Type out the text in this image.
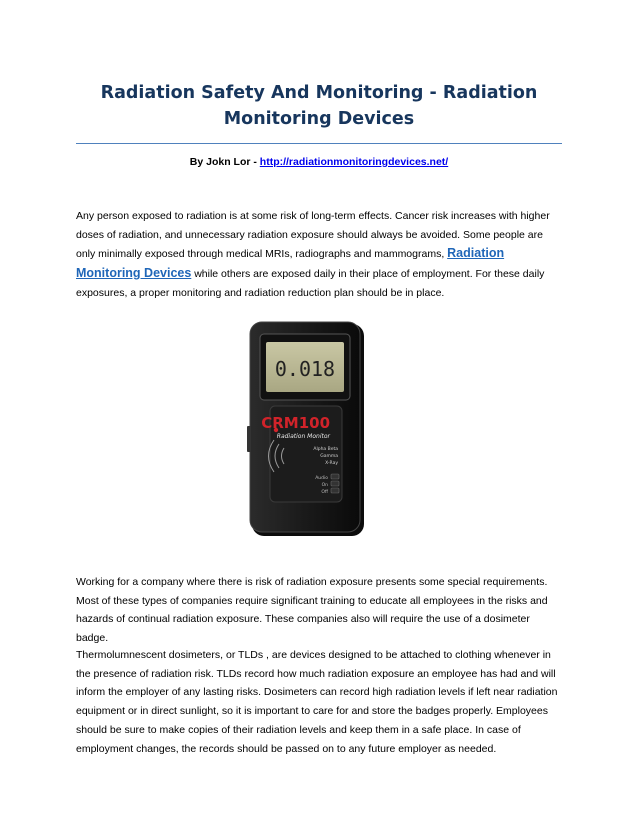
Radiation Safety And Monitoring - Radiation
Monitoring Devices
By Jokn Lor - http://radiationmonitoringdevices.net/

Any person exposed to radiation is at some risk of long-term effects. Cancer risk increases with higher doses of radiation, and unnecessary radiation exposure should always be avoided. Some people are only minimally exposed through medical MRIs, radiographs and mammograms, Radiation Monitoring Devices while others are exposed daily in their place of employment. For these daily exposures, a proper monitoring and radiation reduction plan should be in place.

0.018
CRM100
Radiation Monitor
Alpha Beta
Gamma
X-Ray
Audio
On
Off

Working for a company where there is risk of radiation exposure presents some special requirements. Most of these types of companies require significant training to educate all employees in the risks and hazards of continual radiation exposure. These companies also will require the use of a dosimeter badge.

Thermolumnescent dosimeters, or TLDs , are devices designed to be attached to clothing whenever in the presence of radiation risk. TLDs record how much radiation exposure an employee has had and will inform the employer of any lasting risks. Dosimeters can record high radiation levels if left near radiation equipment or in direct sunlight, so it is important to care for and store the badges properly. Employees should be sure to make copies of their radiation levels and keep them in a safe place. In case of employment changes, the records should be passed on to any future employer as needed.
